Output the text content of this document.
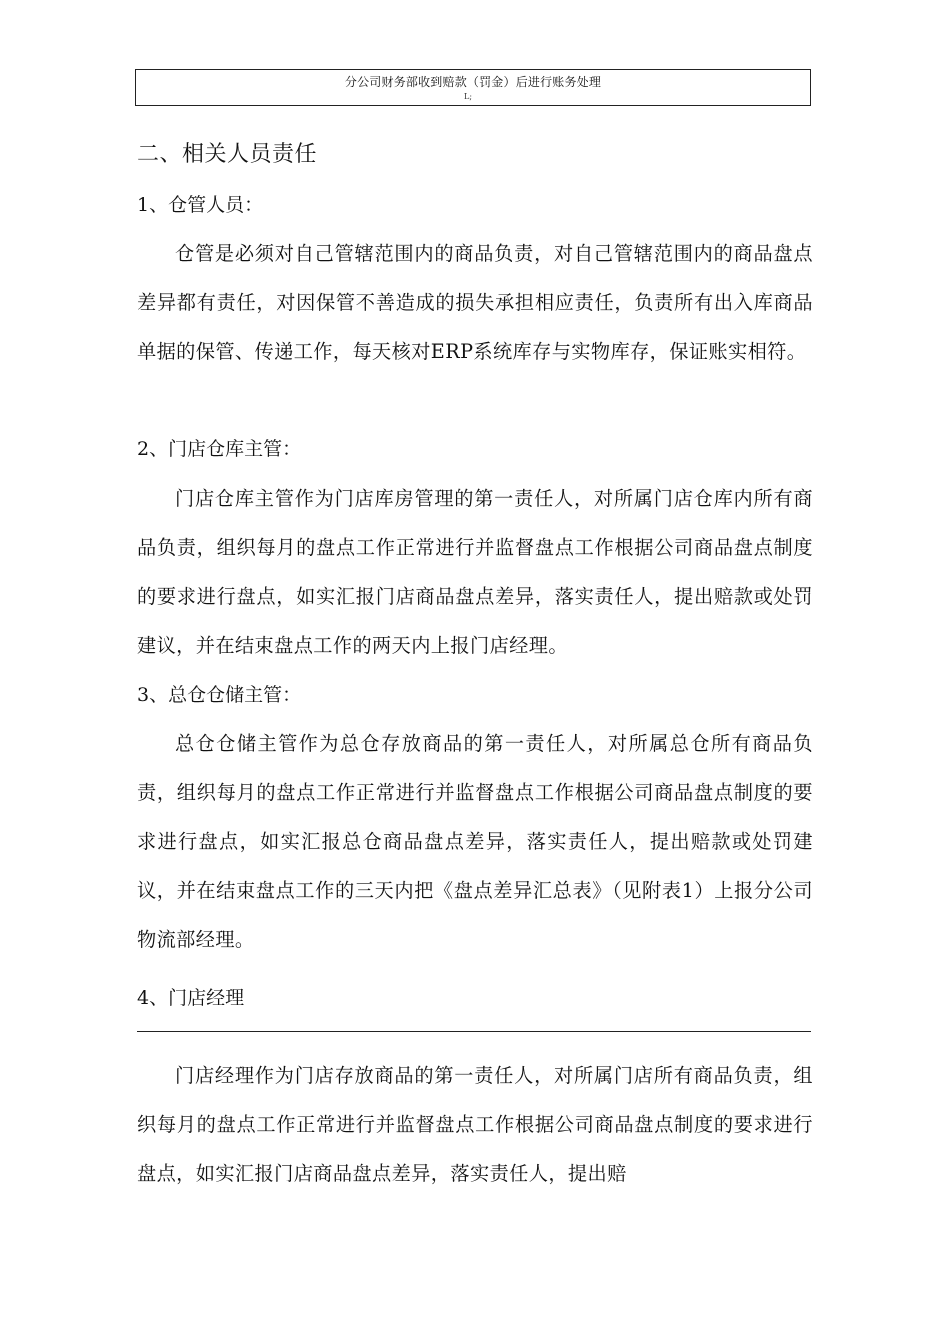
分公司财务部收到赔款（罚金）后进行账务处理
L;
二、相关人员责任
1、仓管人员：

仓管是必须对自己管辖范围内的商品负责，对自己管辖范围内的商品盘点差异都有责任，对因保管不善造成的损失承担相应责任，负责所有出入库商品单据的保管、传递工作，每天核对ERP系统库存与实物库存，保证账实相符。

2、门店仓库主管：

门店仓库主管作为门店库房管理的第一责任人，对所属门店仓库内所有商品负责，组织每月的盘点工作正常进行并监督盘点工作根据公司商品盘点制度的要求进行盘点，如实汇报门店商品盘点差异，落实责任人，提出赔款或处罚建议，并在结束盘点工作的两天内上报门店经理。

3、总仓仓储主管：

总仓仓储主管作为总仓存放商品的第一责任人，对所属总仓所有商品负责，组织每月的盘点工作正常进行并监督盘点工作根据公司商品盘点制度的要求进行盘点，如实汇报总仓商品盘点差异，落实责任人，提出赔款或处罚建议，并在结束盘点工作的三天内把《盘点差异汇总表》（见附表1）上报分公司物流部经理。

4、门店经理

门店经理作为门店存放商品的第一责任人，对所属门店所有商品负责，组织每月的盘点工作正常进行并监督盘点工作根据公司商品盘点制度的要求进行盘点，如实汇报门店商品盘点差异，落实责任人，提出赔
